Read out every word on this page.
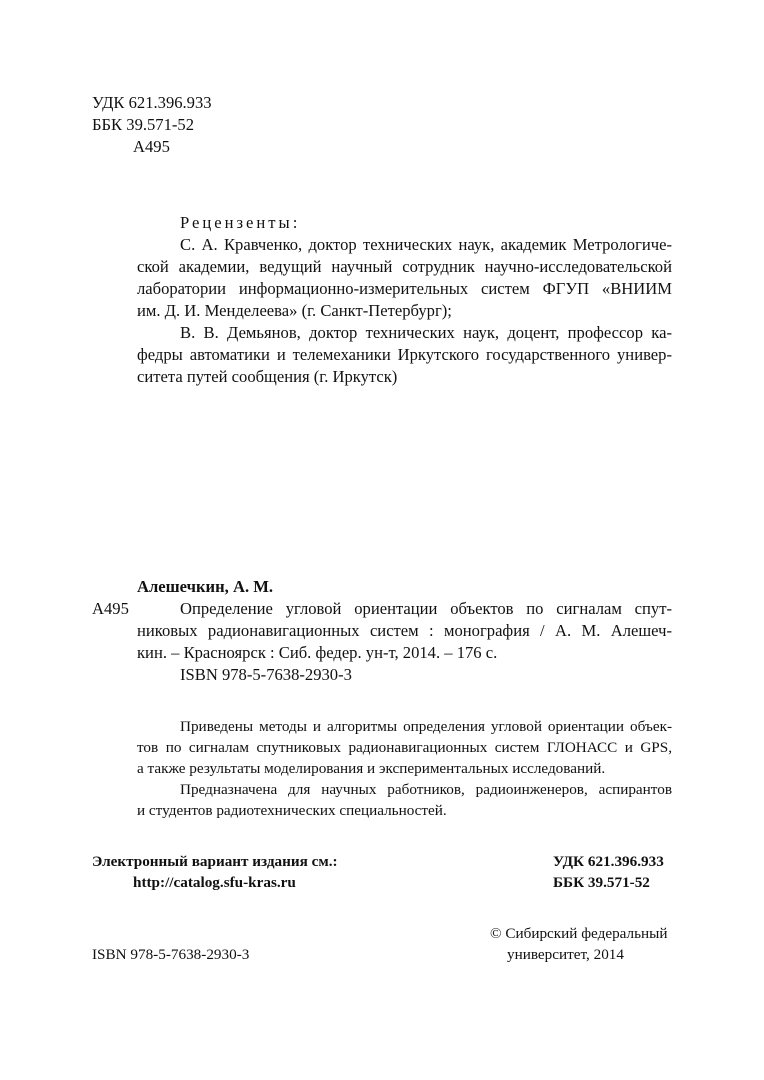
УДК 621.396.933
ББК 39.571-52
А495
Рецензенты:
С. А. Кравченко, доктор технических наук, академик Метрологиче-
ской академии, ведущий научный сотрудник научно-исследовательской
лаборатории информационно-измерительных систем ФГУП «ВНИИМ
им. Д. И. Менделеева» (г. Санкт-Петербург);
В. В. Демьянов, доктор технических наук, доцент, профессор ка-
федры автоматики и телемеханики Иркутского государственного универ-
ситета путей сообщения (г. Иркутск)
Алешечкин, А. М.
А495	Определение угловой ориентации объектов по сигналам спут-
никовых радионавигационных систем : монография / А. М. Алешеч-
кин. – Красноярск : Сиб. федер. ун-т, 2014. – 176 с.
ISBN 978-5-7638-2930-3
Приведены методы и алгоритмы определения угловой ориентации объек-
тов по сигналам спутниковых радионавигационных систем ГЛОНАСС и GPS,
а также результаты моделирования и экспериментальных исследований.
Предназначена для научных работников, радиоинженеров, аспирантов
и студентов радиотехнических специальностей.
Электронный вариант издания см.:
http://catalog.sfu-kras.ru
УДК 621.396.933
ББК 39.571-52
© Сибирский федеральный
университет, 2014
ISBN 978-5-7638-2930-3
